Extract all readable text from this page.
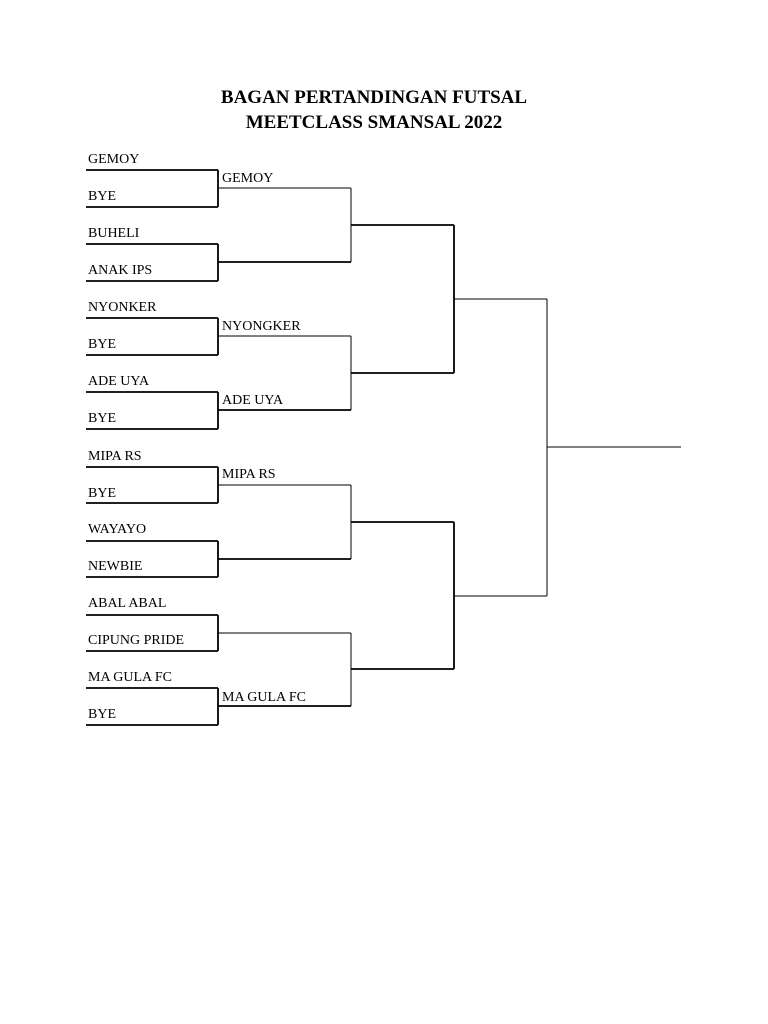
BAGAN PERTANDINGAN FUTSAL
MEETCLASS SMANSAL 2022
GEMOY
BYE
BUHELI
ANAK IPS
NYONKER
BYE
ADE UYA
BYE
MIPA RS
BYE
WAYAYO
NEWBIE
ABAL ABAL
CIPUNG PRIDE
MA GULA FC
BYE
GEMOY
NYONGKER
ADE UYA
MIPA RS
MA GULA FC
